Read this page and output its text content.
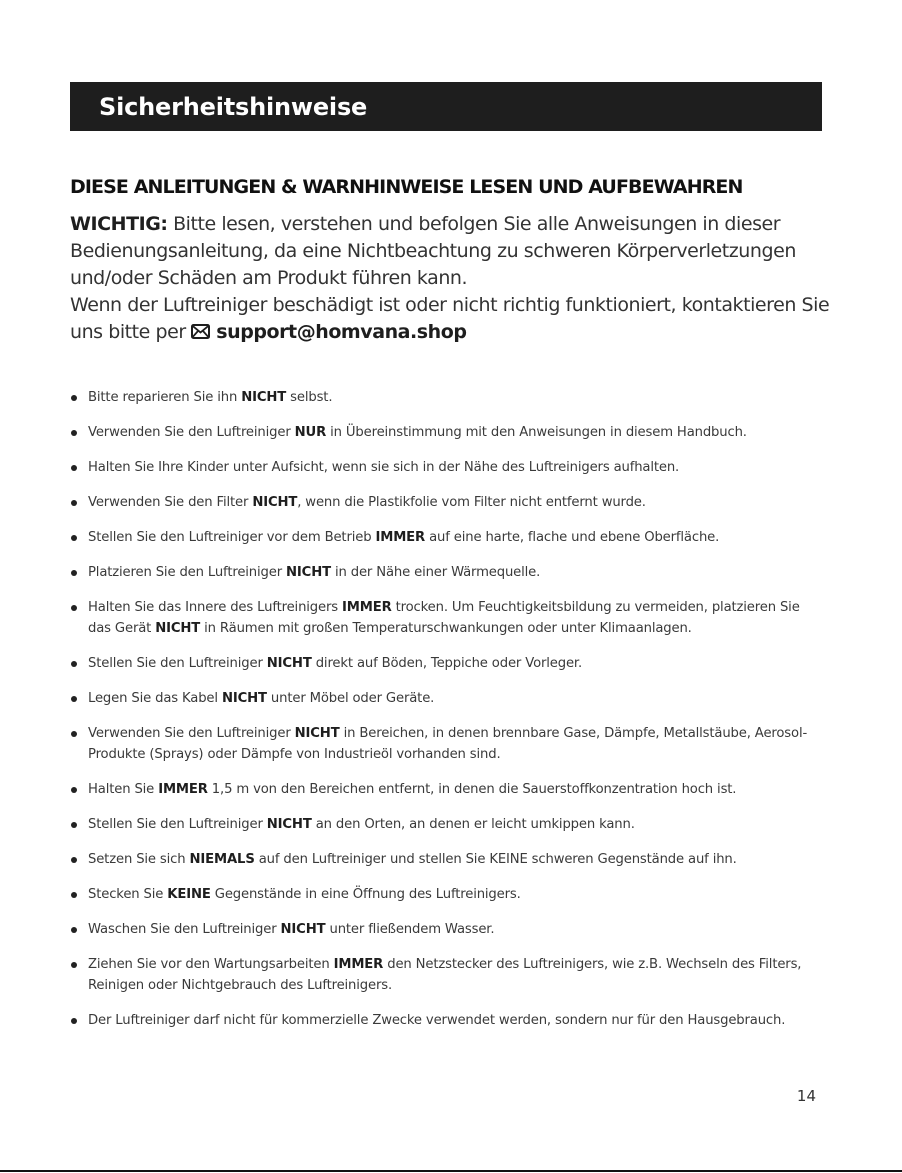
Sicherheitshinweise
DIESE ANLEITUNGEN & WARNHINWEISE LESEN UND AUFBEWAHREN

WICHTIG: Bitte lesen, verstehen und befolgen Sie alle Anweisungen in dieser Bedienungsanleitung, da eine Nichtbeachtung zu schweren Körperverletzungen und/oder Schäden am Produkt führen kann.

Wenn der Luftreiniger beschädigt ist oder nicht richtig funktioniert, kontaktieren Sie uns bitte per support@homvana.shop

Bitte reparieren Sie ihn NICHT selbst.
Verwenden Sie den Luftreiniger NUR in Übereinstimmung mit den Anweisungen in diesem Handbuch.
Halten Sie Ihre Kinder unter Aufsicht, wenn sie sich in der Nähe des Luftreinigers aufhalten.
Verwenden Sie den Filter NICHT, wenn die Plastikfolie vom Filter nicht entfernt wurde.
Stellen Sie den Luftreiniger vor dem Betrieb IMMER auf eine harte, flache und ebene Oberfläche.
Platzieren Sie den Luftreiniger NICHT in der Nähe einer Wärmequelle.
Halten Sie das Innere des Luftreinigers IMMER trocken. Um Feuchtigkeitsbildung zu vermeiden, platzieren Sie das Gerät NICHT in Räumen mit großen Temperaturschwankungen oder unter Klimaanlagen.
Stellen Sie den Luftreiniger NICHT direkt auf Böden, Teppiche oder Vorleger.
Legen Sie das Kabel NICHT unter Möbel oder Geräte.
Verwenden Sie den Luftreiniger NICHT in Bereichen, in denen brennbare Gase, Dämpfe, Metallstäube, Aerosol-Produkte (Sprays) oder Dämpfe von Industrieöl vorhanden sind.
Halten Sie IMMER 1,5 m von den Bereichen entfernt, in denen die Sauerstoffkonzentration hoch ist.
Stellen Sie den Luftreiniger NICHT an den Orten, an denen er leicht umkippen kann.
Setzen Sie sich NIEMALS auf den Luftreiniger und stellen Sie KEINE schweren Gegenstände auf ihn.
Stecken Sie KEINE Gegenstände in eine Öffnung des Luftreinigers.
Waschen Sie den Luftreiniger NICHT unter fließendem Wasser.
Ziehen Sie vor den Wartungsarbeiten IMMER den Netzstecker des Luftreinigers, wie z.B. Wechseln des Filters, Reinigen oder Nichtgebrauch des Luftreinigers.
Der Luftreiniger darf nicht für kommerzielle Zwecke verwendet werden, sondern nur für den Hausgebrauch.
14
